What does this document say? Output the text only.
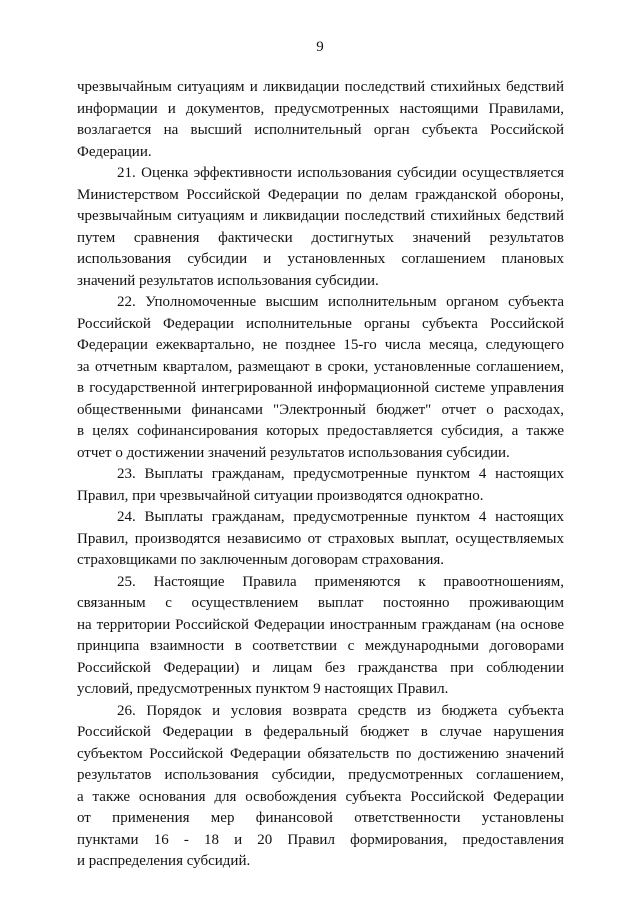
9
чрезвычайным ситуациям и ликвидации последствий стихийных бедствий
информации и документов, предусмотренных настоящими Правилами,
возлагается на высший исполнительный орган субъекта Российской
Федерации.
21. Оценка эффективности использования субсидии осуществляется
Министерством Российской Федерации по делам гражданской обороны,
чрезвычайным ситуациям и ликвидации последствий стихийных бедствий
путем сравнения фактически достигнутых значений результатов
использования субсидии и установленных соглашением плановых
значений результатов использования субсидии.
22. Уполномоченные высшим исполнительным органом субъекта
Российской Федерации исполнительные органы субъекта Российской
Федерации ежеквартально, не позднее 15-го числа месяца, следующего
за отчетным кварталом, размещают в сроки, установленные соглашением,
в государственной интегрированной информационной системе управления
общественными финансами "Электронный бюджет" отчет о расходах,
в целях софинансирования которых предоставляется субсидия, а также
отчет о достижении значений результатов использования субсидии.
23. Выплаты гражданам, предусмотренные пунктом 4 настоящих
Правил, при чрезвычайной ситуации производятся однократно.
24. Выплаты гражданам, предусмотренные пунктом 4 настоящих
Правил, производятся независимо от страховых выплат, осуществляемых
страховщиками по заключенным договорам страхования.
25. Настоящие Правила применяются к правоотношениям,
связанным с осуществлением выплат постоянно проживающим
на территории Российской Федерации иностранным гражданам (на основе
принципа взаимности в соответствии с международными договорами
Российской Федерации) и лицам без гражданства при соблюдении
условий, предусмотренных пунктом 9 настоящих Правил.
26. Порядок и условия возврата средств из бюджета субъекта
Российской Федерации в федеральный бюджет в случае нарушения
субъектом Российской Федерации обязательств по достижению значений
результатов использования субсидии, предусмотренных соглашением,
а также основания для освобождения субъекта Российской Федерации
от применения мер финансовой ответственности установлены
пунктами 16 - 18 и 20 Правил формирования, предоставления
и распределения субсидий.
